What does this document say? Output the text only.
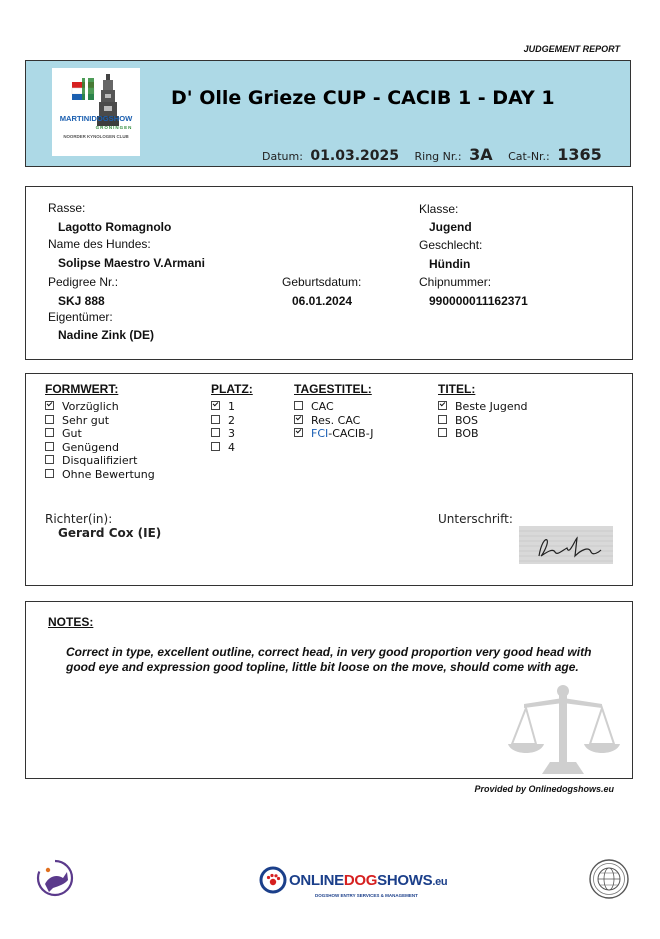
JUDGEMENT REPORT
MARTINIDOGSHOW
GRONINGEN
NOORDER KYNOLOGEN CLUB
D' Olle Grieze CUP - CACIB 1 - DAY 1
Datum: 01.03.2025 Ring Nr.: 3A Cat-Nr.: 1365
Rasse:
Lagotto Romagnolo
Name des Hundes:
Solipse Maestro V.Armani
Pedigree Nr.:
SKJ 888
Eigentümer:
Nadine Zink (DE)
Geburtsdatum:
06.01.2024
Klasse:
Jugend
Geschlecht:
Hündin
Chipnummer:
990000011162371
FORMWERT:
Vorzüglich
Sehr gut
Gut
Genügend
Disqualifiziert
Ohne Bewertung
PLATZ:
1
2
3
4
TAGESTITEL:
CAC
Res. CAC
FCI-CACIB-J
TITEL:
Beste Jugend
BOS
BOB
Richter(in):
Gerard Cox (IE)
Unterschrift:
NOTES:
Correct in type, excellent outline, correct head, in very good proportion very good head with good eye and expression good topline, little bit loose on the move, should come with age.
Provided by Onlinedogshows.eu
ONLINEDOGSHOWS.eu
DOGSHOW ENTRY SERVICES & MANAGEMENT
